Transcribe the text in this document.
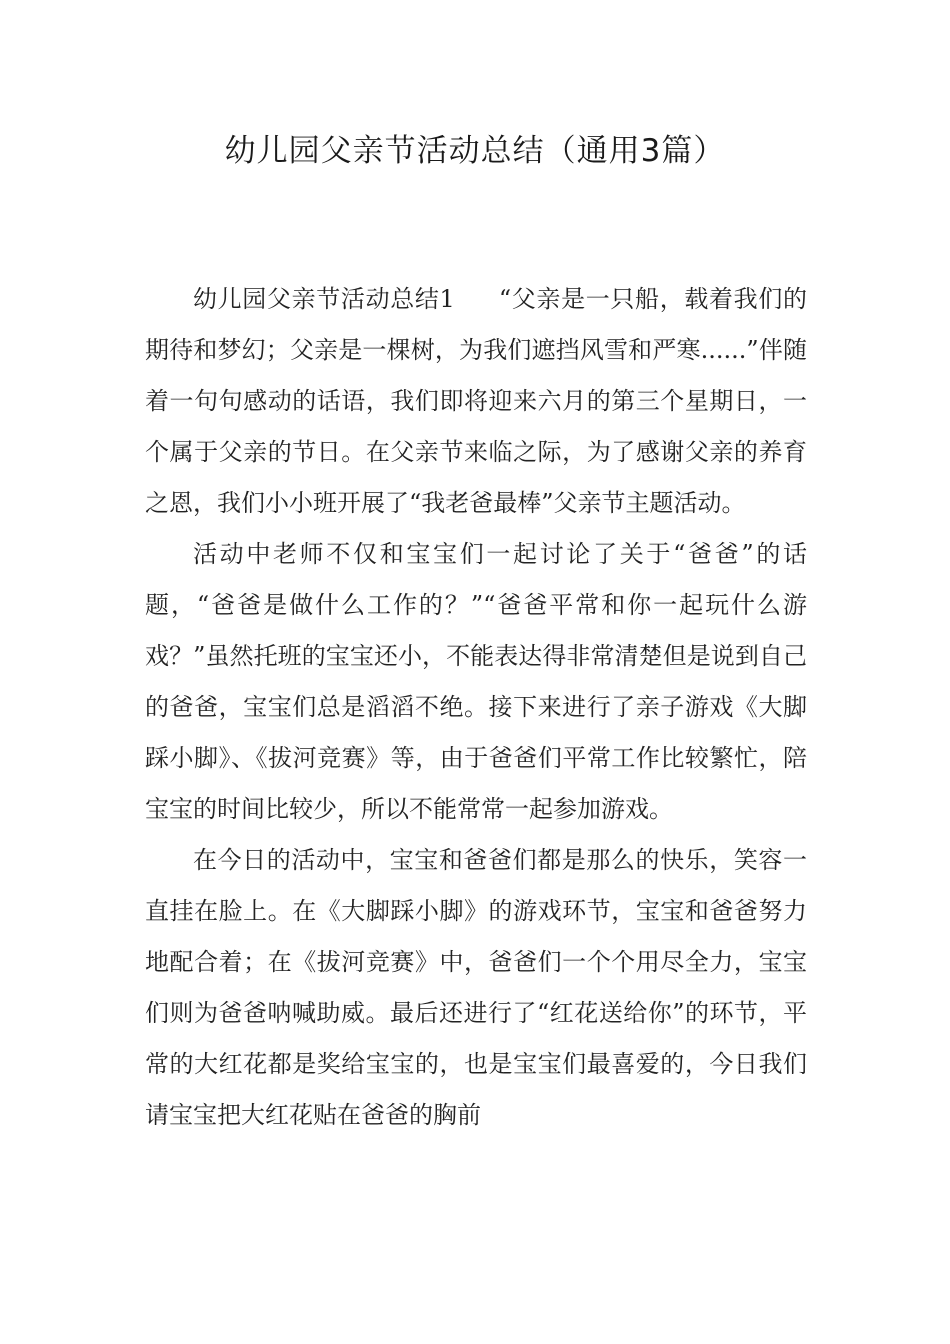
幼儿园父亲节活动总结（通用3篇）

幼儿园父亲节活动总结1 “父亲是一只船，载着我们的期待和梦幻；父亲是一棵树，为我们遮挡风雪和严寒......”伴随着一句句感动的话语，我们即将迎来六月的第三个星期日，一个属于父亲的节日。在父亲节来临之际，为了感谢父亲的养育之恩，我们小小班开展了“我老爸最棒”父亲节主题活动。

活动中老师不仅和宝宝们一起讨论了关于“爸爸”的话题，“爸爸是做什么工作的？”“爸爸平常和你一起玩什么游戏？”虽然托班的宝宝还小，不能表达得非常清楚但是说到自己的爸爸，宝宝们总是滔滔不绝。接下来进行了亲子游戏《大脚踩小脚》、《拔河竞赛》等，由于爸爸们平常工作比较繁忙，陪宝宝的时间比较少，所以不能常常一起参加游戏。

在今日的活动中，宝宝和爸爸们都是那么的快乐，笑容一直挂在脸上。在《大脚踩小脚》的游戏环节，宝宝和爸爸努力地配合着；在《拔河竞赛》中，爸爸们一个个用尽全力，宝宝们则为爸爸呐喊助威。最后还进行了“红花送给你”的环节，平常的大红花都是奖给宝宝的，也是宝宝们最喜爱的，今日我们请宝宝把大红花贴在爸爸的胸前
